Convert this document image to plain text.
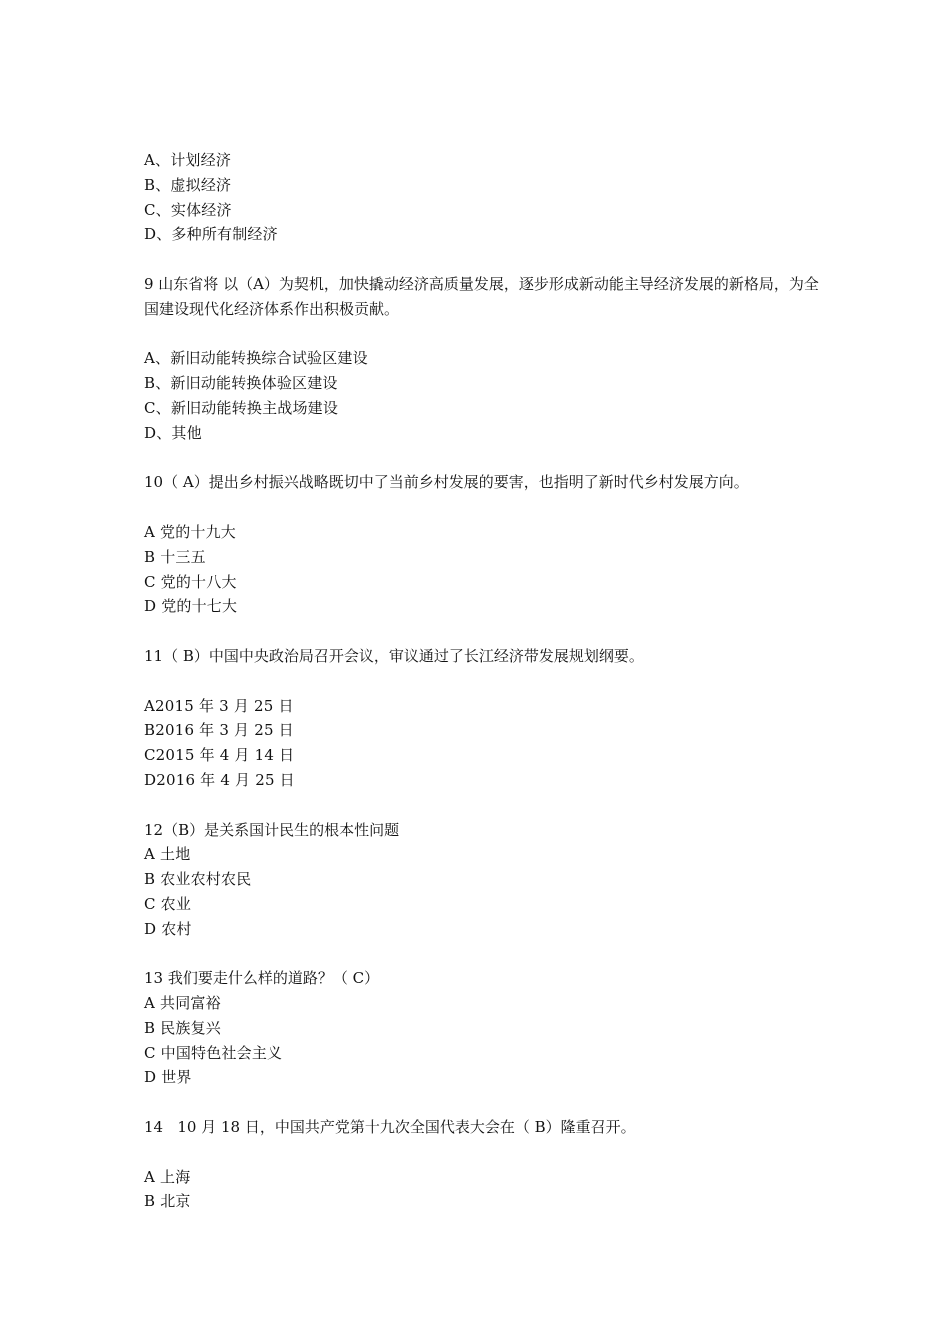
A、计划经济
B、虚拟经济
C、实体经济
D、多种所有制经济
9 山东省将 以（A）为契机，加快撬动经济高质量发展，逐步形成新动能主导经济发展的新格局，为全国建设现代化经济体系作出积极贡献。
A、新旧动能转换综合试验区建设
B、新旧动能转换体验区建设
C、新旧动能转换主战场建设
D、其他
10（ A）提出乡村振兴战略既切中了当前乡村发展的要害，也指明了新时代乡村发展方向。
A 党的十九大
B 十三五
C 党的十八大
D 党的十七大
11（ B）中国中央政治局召开会议，审议通过了长江经济带发展规划纲要。
A2015 年 3 月 25 日
B2016 年 3 月 25 日
C2015 年 4 月 14 日
D2016 年 4 月 25 日
12（B）是关系国计民生的根本性问题
A 土地
B 农业农村农民
C 农业
D 农村
13 我们要走什么样的道路？（ C）
A 共同富裕
B 民族复兴
C 中国特色社会主义
D 世界
14   10 月 18 日，中国共产党第十九次全国代表大会在（ B）隆重召开。
A 上海
B 北京
